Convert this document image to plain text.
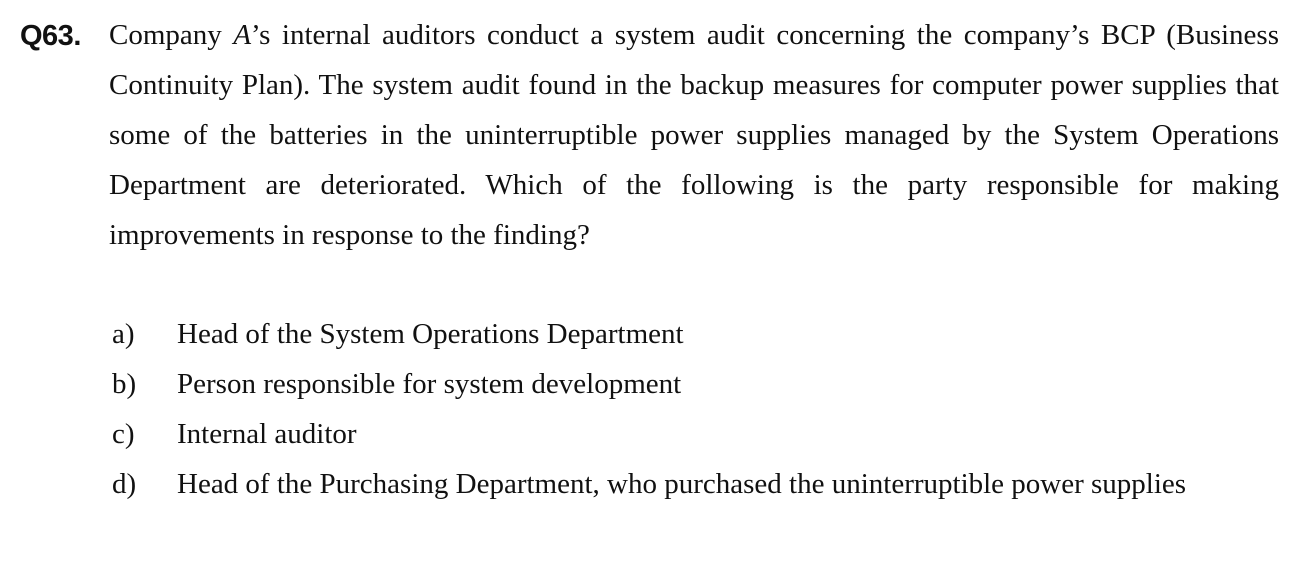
Q63. Company A’s internal auditors conduct a system audit concerning the company’s BCP (Business Continuity Plan). The system audit found in the backup measures for computer power supplies that some of the batteries in the uninterruptible power supplies managed by the System Operations Department are deteriorated. Which of the following is the party responsible for making improvements in response to the finding?

a)	Head of the System Operations Department
b)	Person responsible for system development
c)	Internal auditor
d)	Head of the Purchasing Department, who purchased the uninterruptible power supplies
